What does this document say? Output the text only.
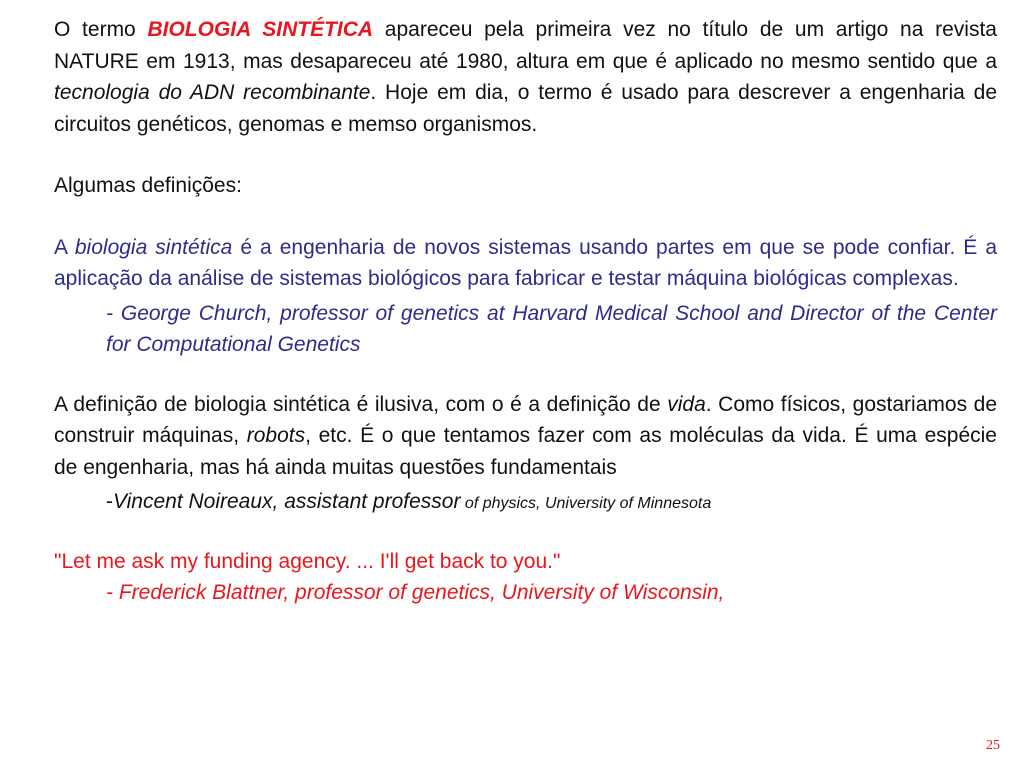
O termo BIOLOGIA SINTÉTICA apareceu pela primeira vez no título de um artigo na revista NATURE em 1913, mas desapareceu até 1980, altura em que é aplicado no mesmo sentido que a tecnologia do ADN recombinante. Hoje em dia, o termo é usado para descrever a engenharia de circuitos genéticos, genomas e memso organismos.

Algumas definições:

A biologia sintética é a engenharia de novos sistemas usando partes em que se pode confiar. É a aplicação da análise de sistemas biológicos para fabricar e testar máquina biológicas complexas.

- George Church, professor of genetics at Harvard Medical School and Director of the Center for Computational Genetics

A definição de biologia sintética é ilusiva, com o é a definição de vida. Como físicos, gostariamos de construir máquinas, robots, etc. É o que tentamos fazer com as moléculas da vida. É uma espécie de engenharia, mas há ainda muitas questões fundamentais

-Vincent Noireaux, assistant professor of physics, University of Minnesota

"Let me ask my funding agency. ... I'll get back to you."

- Frederick Blattner, professor of genetics, University of Wisconsin,

25
